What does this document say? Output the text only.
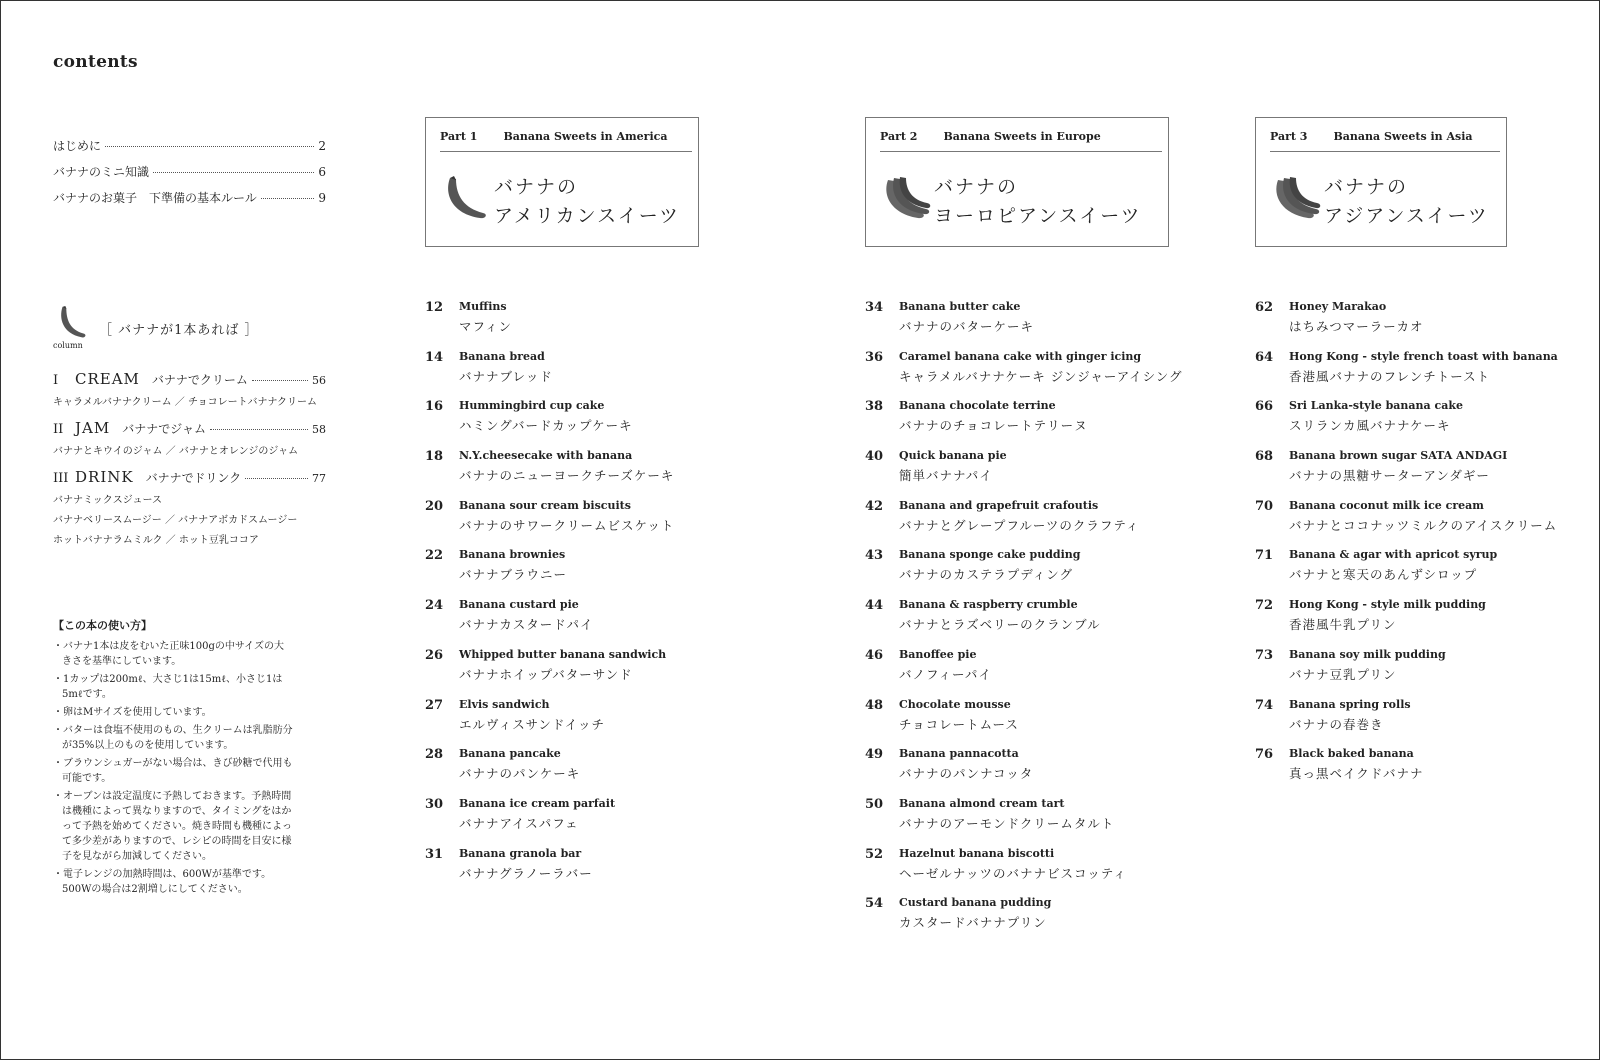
contents
はじめに	2
バナナのミニ知識	6
バナナのお菓子　下準備の基本ルール	9
column
［ バナナが1本あれば ］
I	CREAM バナナでクリーム	56
キャラメルバナナクリーム ／ チョコレートバナナクリーム
II JAM バナナでジャム	58
バナナとキウイのジャム ／ バナナとオレンジのジャム
III DRINK バナナでドリンク	77
バナナミックスジュース
バナナベリースムージー ／ バナナアボカドスムージー
ホットバナナラムミルク ／ ホット豆乳ココア
【この本の使い方】
・バナナ1本は皮をむいた正味100gの中サイズの大きさを基準にしています。
・1カップは200mℓ、大さじ1は15mℓ、小さじ1は5mℓです。
・卵はMサイズを使用しています。
・バターは食塩不使用のもの、生クリームは乳脂肪分が35%以上のものを使用しています。
・ブラウンシュガーがない場合は、きび砂糖で代用も可能です。
・オーブンは設定温度に予熱しておきます。予熱時間は機種によって異なりますので、タイミングをはかって予熱を始めてください。焼き時間も機種によって多少差がありますので、レシピの時間を目安に様子を見ながら加減してください。
・電子レンジの加熱時間は、600Wが基準です。500Wの場合は2割増しにしてください。
Part 1 Banana Sweets in America
バナナの
アメリカンスイーツ
Part 2 Banana Sweets in Europe
バナナの
ヨーロピアンスイーツ
Part 3 Banana Sweets in Asia
バナナの
アジアンスイーツ
12 Muffins
マフィン
14 Banana bread
バナナブレッド
16 Hummingbird cup cake
ハミングバードカップケーキ
18 N.Y.cheesecake with banana
バナナのニューヨークチーズケーキ
20 Banana sour cream biscuits
バナナのサワークリームビスケット
22 Banana brownies
バナナブラウニー
24 Banana custard pie
バナナカスタードパイ
26 Whipped butter banana sandwich
バナナホイップバターサンド
27 Elvis sandwich
エルヴィスサンドイッチ
28 Banana pancake
バナナのパンケーキ
30 Banana ice cream parfait
バナナアイスパフェ
31 Banana granola bar
バナナグラノーラバー
34 Banana butter cake
バナナのバターケーキ
36 Caramel banana cake with ginger icing
キャラメルバナナケーキ ジンジャーアイシング
38 Banana chocolate terrine
バナナのチョコレートテリーヌ
40 Quick banana pie
簡単バナナパイ
42 Banana and grapefruit crafoutis
バナナとグレープフルーツのクラフティ
43 Banana sponge cake pudding
バナナのカステラプディング
44 Banana & raspberry crumble
バナナとラズベリーのクランブル
46 Banoffee pie
バノフィーパイ
48 Chocolate mousse
チョコレートムース
49 Banana pannacotta
バナナのパンナコッタ
50 Banana almond cream tart
バナナのアーモンドクリームタルト
52 Hazelnut banana biscotti
ヘーゼルナッツのバナナビスコッティ
54 Custard banana pudding
カスタードバナナプリン
62 Honey Marakao
はちみつマーラーカオ
64 Hong Kong - style french toast with banana
香港風バナナのフレンチトースト
66 Sri Lanka-style banana cake
スリランカ風バナナケーキ
68 Banana brown sugar SATA ANDAGI
バナナの黒糖サーターアンダギー
70 Banana coconut milk ice cream
バナナとココナッツミルクのアイスクリーム
71 Banana & agar with apricot syrup
バナナと寒天のあんずシロップ
72 Hong Kong - style milk pudding
香港風牛乳プリン
73 Banana soy milk pudding
バナナ豆乳プリン
74 Banana spring rolls
バナナの春巻き
76 Black baked banana
真っ黒ベイクドバナナ
